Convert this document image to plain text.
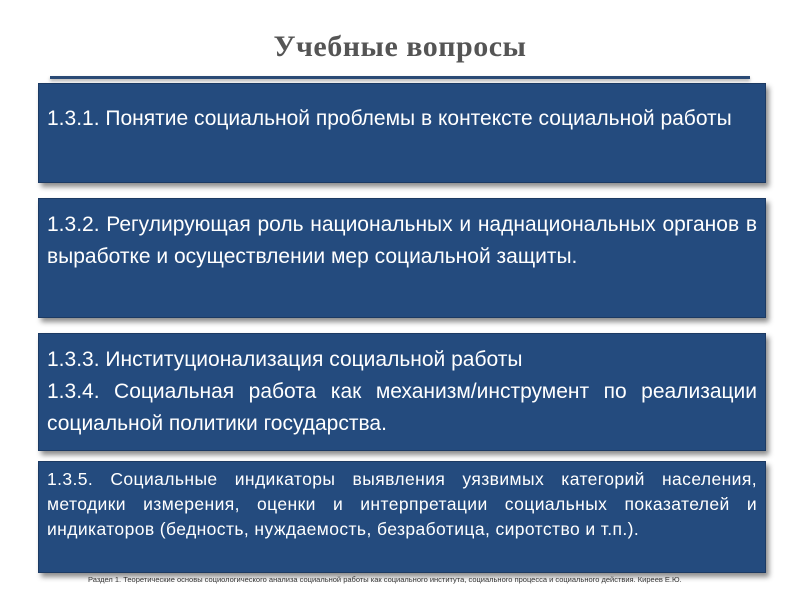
Учебные вопросы

1.3.1. Понятие социальной проблемы в контексте социальной работы

1.3.2. Регулирующая роль национальных и наднациональных органов в выработке и осуществлении мер социальной защиты.

1.3.3. Институционализация социальной работы

1.3.4. Социальная работа как механизм/инструмент по реализации социальной политики государства.

1.3.5. Социальные индикаторы выявления уязвимых категорий населения, методики измерения, оценки и интерпретации социальных показателей и индикаторов (бедность, нуждаемость, безработица, сиротство и т.п.).

Раздел 1. Теоретические основы социологического анализа социальной работы как социального института, социального процесса и социального действия. Киреев Е.Ю.
